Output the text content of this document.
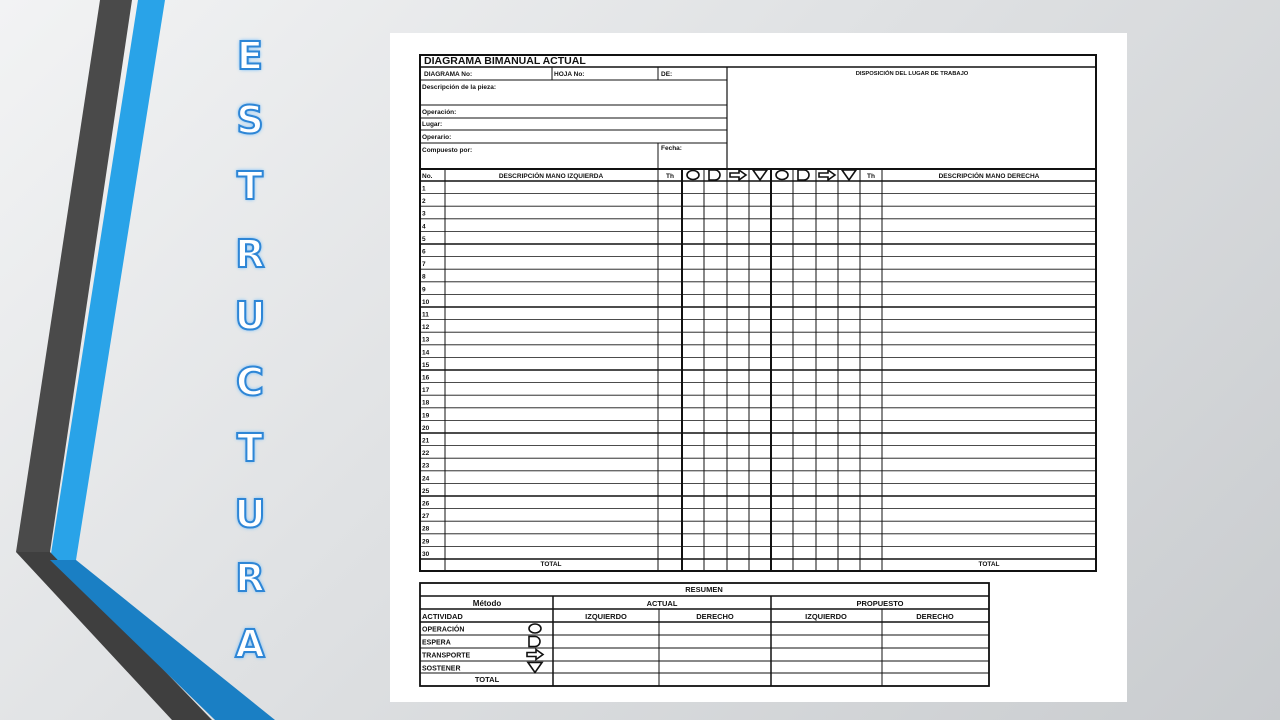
E
S
T
R
U
C
T
U
R
A
DIAGRAMA BIMANUAL ACTUAL
DIAGRAMA No:	HOJA No:	DE:	DISPOSICIÓN DEL LUGAR DE TRABAJO
Descripción de la pieza:
Operación:
Lugar:
Operario:
Compuesto por:	Fecha:
No.	DESCRIPCIÓN MANO IZQUIERDA	Th	Th	DESCRIPCIÓN MANO DERECHA
1
2
3
4
5
6
7
8
9
10
11
12
13
14
15
16
17
18
19
20
21
22
23
24
25
26
27
28
29
30
TOTAL	TOTAL
RESUMEN
Método	ACTUAL	PROPUESTO
ACTIVIDAD	IZQUIERDO	DERECHO	IZQUIERDO	DERECHO
OPERACIÓN
ESPERA
TRANSPORTE
SOSTENER
TOTAL
